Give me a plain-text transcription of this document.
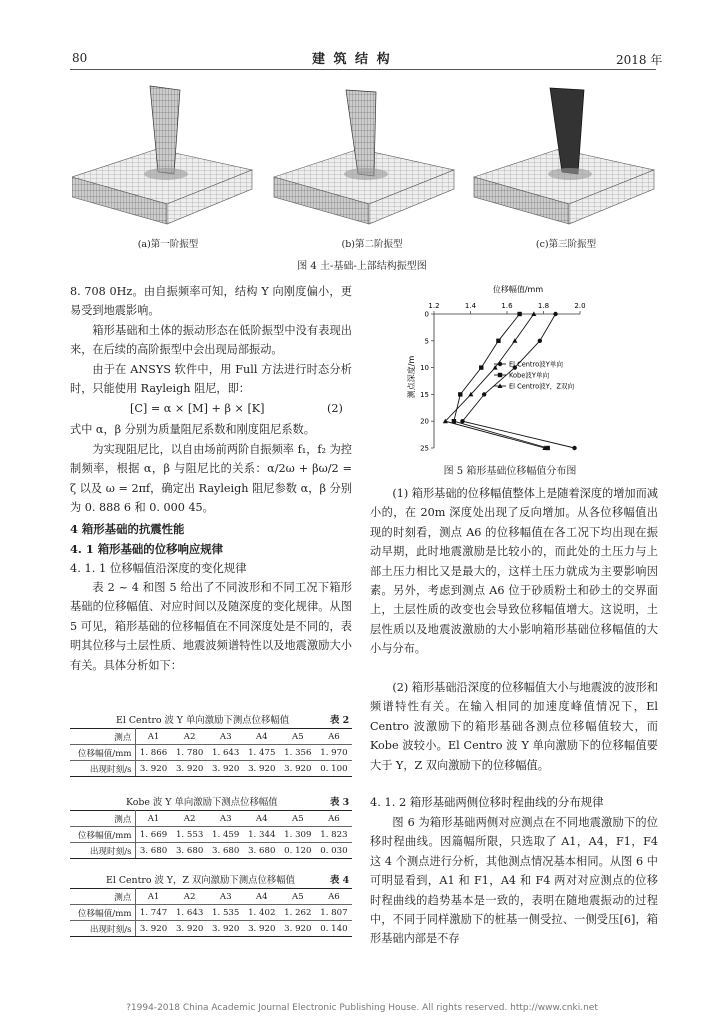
80	建 筑 结 构	2018 年
(a)第一阶振型	(b)第二阶振型	(c)第三阶振型
图 4 土-基础-上部结构振型图

8. 708 0Hz。由自振频率可知，结构 Y 向刚度偏小，更易受到地震影响。

箱形基础和土体的振动形态在低阶振型中没有表现出来，在后续的高阶振型中会出现局部振动。

由于在 ANSYS 软件中，用 Full 方法进行时态分析时，只能使用 Rayleigh 阻尼，即：

[C] = α × [M] + β × [K]	(2)

式中 α，β 分别为质量阻尼系数和刚度阻尼系数。

为实现阻尼比，以自由场前两阶自振频率 f₁，f₂ 为控制频率，根据 α，β 与阻尼比的关系：α/2ω + βω/2 = ζ 以及 ω = 2πf，确定出 Rayleigh 阻尼参数 α，β 分别为 0. 888 6 和 0. 000 45。

4 箱形基础的抗震性能
4. 1 箱形基础的位移响应规律
4. 1. 1 位移幅值沿深度的变化规律

表 2 ~ 4 和图 5 给出了不同波形和不同工况下箱形基础的位移幅值、对应时间以及随深度的变化规律。从图 5 可见，箱形基础的位移幅值在不同深度处是不同的，表明其位移与土层性质、地震波频谱特性以及地震激励大小有关。具体分析如下：

El Centro 波 Y 单向激励下测点位移幅值	表 2
测点	A1	A2	A3	A4	A5	A6
位移幅值/mm	1. 866	1. 780	1. 643	1. 475	1. 356	1. 970
出现时刻/s	3. 920	3. 920	3. 920	3. 920	3. 920	0. 100
Kobe 波 Y 单向激励下测点位移幅值	表 3
测点	A1	A2	A3	A4	A5	A6
位移幅值/mm	1. 669	1. 553	1. 459	1. 344	1. 309	1. 823
出现时刻/s	3. 680	3. 680	3. 680	3. 680	0. 120	0. 030
El Centro 波 Y，Z 双向激励下测点位移幅值	表 4
测点	A1	A2	A3	A4	A5	A6
位移幅值/mm	1. 747	1. 643	1. 535	1. 402	1. 262	1. 807
出现时刻/s	3. 920	3. 920	3. 920	3. 920	3. 920	0. 140
位移幅值/mm
测点深度/m
1.2	1.4	1.6	1.8	2.0
0
5
10
15
20
25
El Centro波Y单向
Kobe波Y单向
El Centro波Y，Z双向
图 5 箱形基础位移幅值分布图

(1) 箱形基础的位移幅值整体上是随着深度的增加而减小的，在 20m 深度处出现了反向增加。从各位移幅值出现的时刻看，测点 A6 的位移幅值在各工况下均出现在振动早期，此时地震激励是比较小的，而此处的土压力与上部土压力相比又是最大的，这样土压力就成为主要影响因素。另外，考虑到测点 A6 位于砂质粉土和砂土的交界面上，土层性质的改变也会导致位移幅值增大。这说明，土层性质以及地震波激励的大小影响箱形基础位移幅值的大小与分布。

(2) 箱形基础沿深度的位移幅值大小与地震波的波形和频谱特性有关。在输入相同的加速度峰值情况下，El Centro 波激励下的箱形基础各测点位移幅值较大，而 Kobe 波较小。El Centro 波 Y 单向激励下的位移幅值要大于 Y，Z 双向激励下的位移幅值。

4. 1. 2 箱形基础两侧位移时程曲线的分布规律

图 6 为箱形基础两侧对应测点在不同地震激励下的位移时程曲线。因篇幅所限，只选取了 A1，A4，F1，F4 这 4 个测点进行分析，其他测点情况基本相同。从图 6 中可明显看到，A1 和 F1，A4 和 F4 两对对应测点的位移时程曲线的趋势基本是一致的，表明在随地震振动的过程中，不同于同样激励下的桩基一侧受拉、一侧受压[6]，箱形基础内部是不存

?1994-2018 China Academic Journal Electronic Publishing House. All rights reserved. http://www.cnki.net
